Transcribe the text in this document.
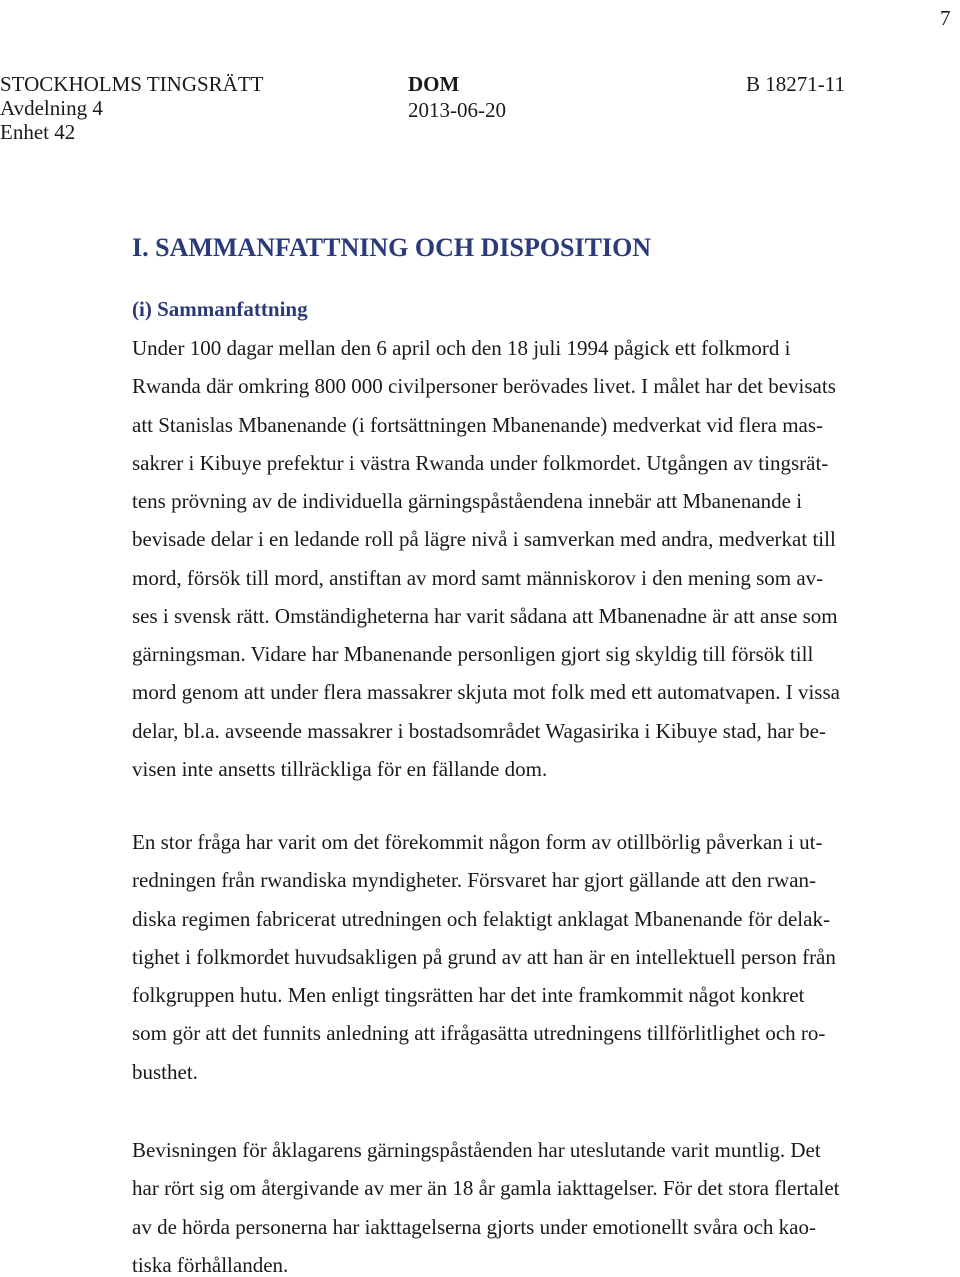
7
STOCKHOLMS TINGSRÄTT
Avdelning 4
Enhet 42
DOM
2013-06-20
B 18271-11
I. SAMMANFATTNING OCH DISPOSITION
(i) Sammanfattning
Under 100 dagar mellan den 6 april och den 18 juli 1994 pågick ett folkmord i
Rwanda där omkring 800 000 civilpersoner berövades livet. I målet har det bevisats
att Stanislas Mbanenande (i fortsättningen Mbanenande) medverkat vid flera mas-
sakrer i Kibuye prefektur i västra Rwanda under folkmordet. Utgången av tingsrät-
tens prövning av de individuella gärningspåståendena innebär att Mbanenande i
bevisade delar i en ledande roll på lägre nivå i samverkan med andra, medverkat till
mord, försök till mord, anstiftan av mord samt människorov i den mening som av-
ses i svensk rätt. Omständigheterna har varit sådana att Mbanenadne är att anse som
gärningsman. Vidare har Mbanenande personligen gjort sig skyldig till försök till
mord genom att under flera massakrer skjuta mot folk med ett automatvapen. I vissa
delar, bl.a. avseende massakrer i bostadsområdet Wagasirika i Kibuye stad, har be-
visen inte ansetts tillräckliga för en fällande dom.
En stor fråga har varit om det förekommit någon form av otillbörlig påverkan i ut-
redningen från rwandiska myndigheter. Försvaret har gjort gällande att den rwan-
diska regimen fabricerat utredningen och felaktigt anklagat Mbanenande för delak-
tighet i folkmordet huvudsakligen på grund av att han är en intellektuell person från
folkgruppen hutu. Men enligt tingsrätten har det inte framkommit något konkret
som gör att det funnits anledning att ifrågasätta utredningens tillförlitlighet och ro-
busthet.
Bevisningen för åklagarens gärningspåståenden har uteslutande varit muntlig. Det
har rört sig om återgivande av mer än 18 år gamla iakttagelser. För det stora flertalet
av de hörda personerna har iakttagelserna gjorts under emotionellt svåra och kao-
tiska förhållanden.
